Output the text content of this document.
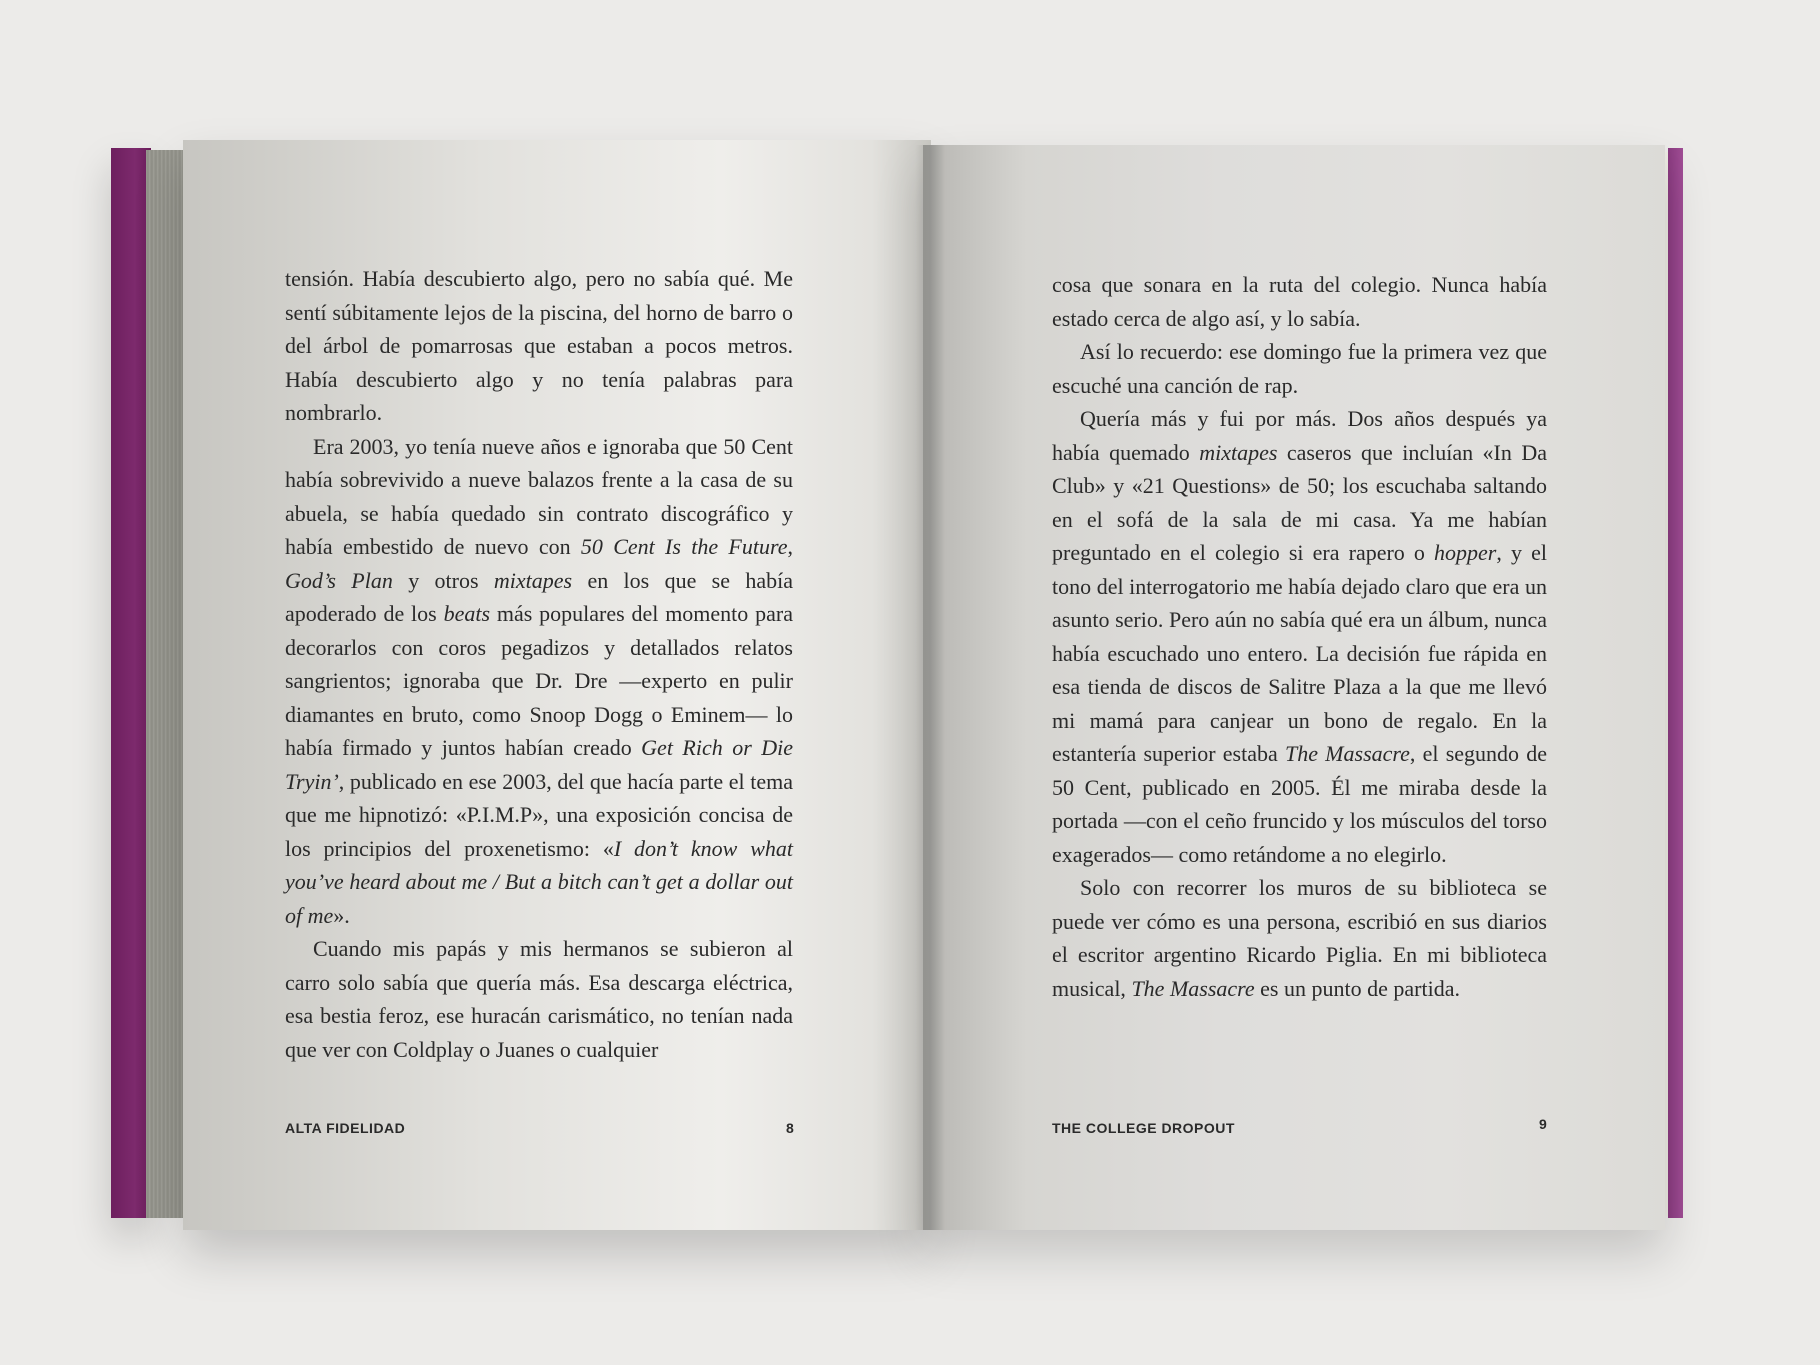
tensión. Había descubierto algo, pero no sabía qué. Me sentí súbitamente lejos de la piscina, del horno de barro o del árbol de pomarrosas que estaban a pocos metros. Había descubierto algo y no tenía palabras para nombrarlo.

Era 2003, yo tenía nueve años e ignoraba que 50 Cent había sobrevivido a nueve balazos frente a la casa de su abuela, se había quedado sin contrato discográfico y había embestido de nuevo con 50 Cent Is the Future, God’s Plan y otros mixtapes en los que se había apoderado de los beats más populares del momento para decorarlos con coros pegadizos y detallados relatos sangrientos; ignoraba que Dr. Dre —experto en pulir diamantes en bruto, como Snoop Dogg o Eminem— lo había firmado y juntos habían creado Get Rich or Die Tryin’, publicado en ese 2003, del que hacía parte el tema que me hipnotizó: «P.I.M.P», una exposición concisa de los principios del proxenetismo: «I don’t know what you’ve heard about me / But a bitch can’t get a dollar out of me».

Cuando mis papás y mis hermanos se subieron al carro solo sabía que quería más. Esa descarga eléctrica, esa bestia feroz, ese huracán carismático, no tenían nada que ver con Coldplay o Juanes o cualquier

cosa que sonara en la ruta del colegio. Nunca había estado cerca de algo así, y lo sabía.

Así lo recuerdo: ese domingo fue la primera vez que escuché una canción de rap.

Quería más y fui por más. Dos años después ya había quemado mixtapes caseros que incluían «In Da Club» y «21 Questions» de 50; los escuchaba saltando en el sofá de la sala de mi casa. Ya me habían preguntado en el colegio si era rapero o hopper, y el tono del interrogatorio me había dejado claro que era un asunto serio. Pero aún no sabía qué era un álbum, nunca había escuchado uno entero. La decisión fue rápida en esa tienda de discos de Salitre Plaza a la que me llevó mi mamá para canjear un bono de regalo. En la estantería superior estaba The Massacre, el segundo de 50 Cent, publicado en 2005. Él me miraba desde la portada —con el ceño fruncido y los músculos del torso exagerados— como retándome a no elegirlo.

Solo con recorrer los muros de su biblioteca se puede ver cómo es una persona, escribió en sus diarios el escritor argentino Ricardo Piglia. En mi biblioteca musical, The Massacre es un punto de partida.

ALTA FIDELIDAD	8	THE COLLEGE DROPOUT	9
